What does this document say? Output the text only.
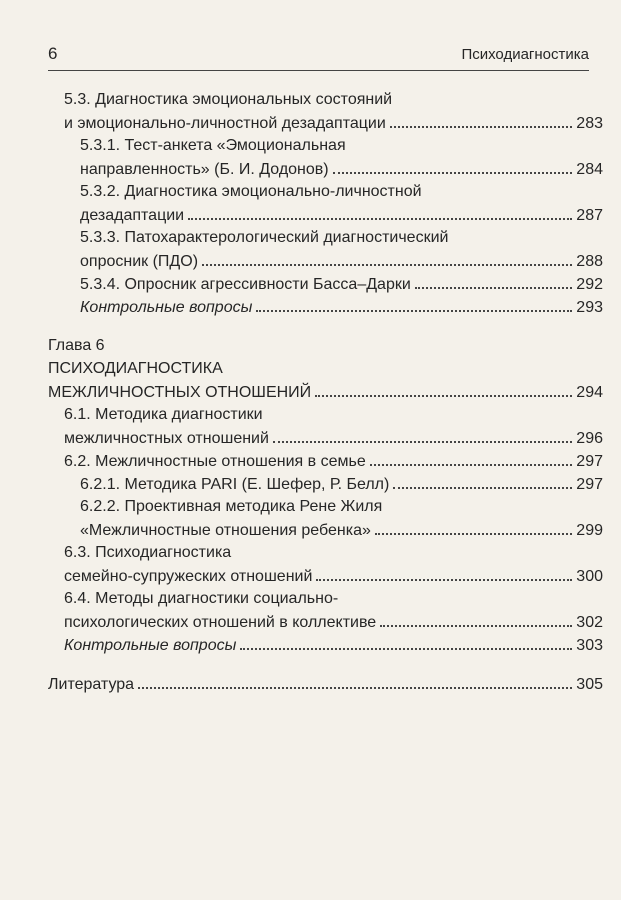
6	Психодиагностика
5.3. Диагностика эмоциональных состояний
и эмоционально-личностной дезадаптации	283
5.3.1. Тест-анкета «Эмоциональная
направленность» (Б. И. Додонов)	284
5.3.2. Диагностика эмоционально-личностной
дезадаптации	287
5.3.3. Патохарактерологический диагностический
опросник (ПДО)	288
5.3.4. Опросник агрессивности Басса–Дарки	292
Контрольные вопросы	293
Глава 6
ПСИХОДИАГНОСТИКА
МЕЖЛИЧНОСТНЫХ ОТНОШЕНИЙ	294
6.1. Методика диагностики
межличностных отношений	296
6.2. Межличностные отношения в семье	297
6.2.1. Методика PARI (Е. Шефер, Р. Белл)	297
6.2.2. Проективная методика Рене Жиля
«Межличностные отношения ребенка»	299
6.3. Психодиагностика
семейно-супружеских отношений	300
6.4. Методы диагностики социально-
психологических отношений в коллективе	302
Контрольные вопросы	303
Литература	305
